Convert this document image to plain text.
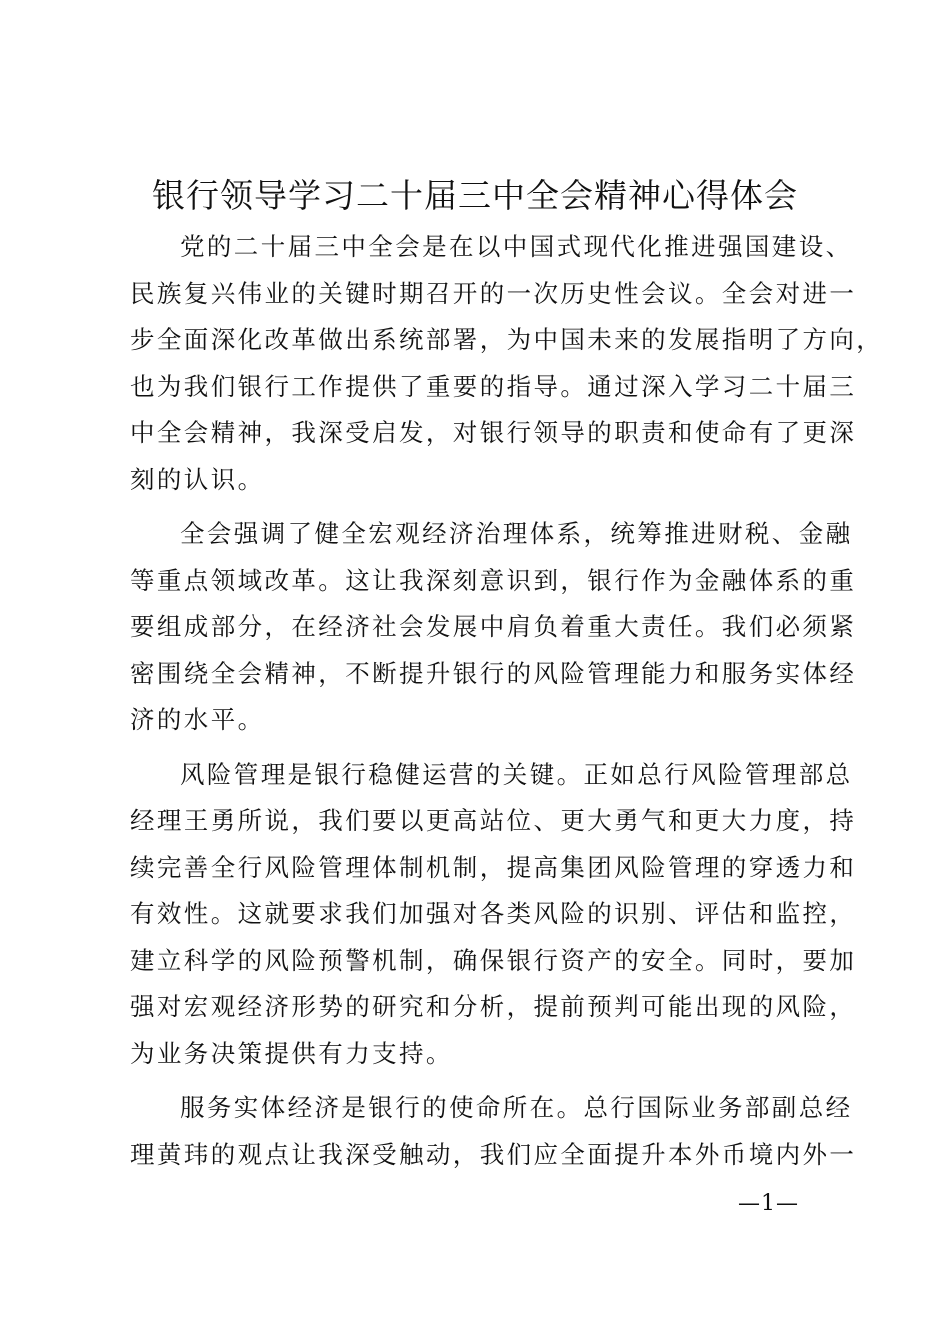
银行领导学习二十届三中全会精神心得体会
党的二十届三中全会是在以中国式现代化推进强国建设、
民族复兴伟业的关键时期召开的一次历史性会议。全会对进一
步全面深化改革做出系统部署，为中国未来的发展指明了方向，
也为我们银行工作提供了重要的指导。通过深入学习二十届三
中全会精神，我深受启发，对银行领导的职责和使命有了更深
刻的认识。
全会强调了健全宏观经济治理体系，统筹推进财税、金融
等重点领域改革。这让我深刻意识到，银行作为金融体系的重
要组成部分，在经济社会发展中肩负着重大责任。我们必须紧
密围绕全会精神，不断提升银行的风险管理能力和服务实体经
济的水平。
风险管理是银行稳健运营的关键。正如总行风险管理部总
经理王勇所说，我们要以更高站位、更大勇气和更大力度，持
续完善全行风险管理体制机制，提高集团风险管理的穿透力和
有效性。这就要求我们加强对各类风险的识别、评估和监控，
建立科学的风险预警机制，确保银行资产的安全。同时，要加
强对宏观经济形势的研究和分析，提前预判可能出现的风险，
为业务决策提供有力支持。
服务实体经济是银行的使命所在。总行国际业务部副总经
理黄玮的观点让我深受触动，我们应全面提升本外币境内外一
—1—
